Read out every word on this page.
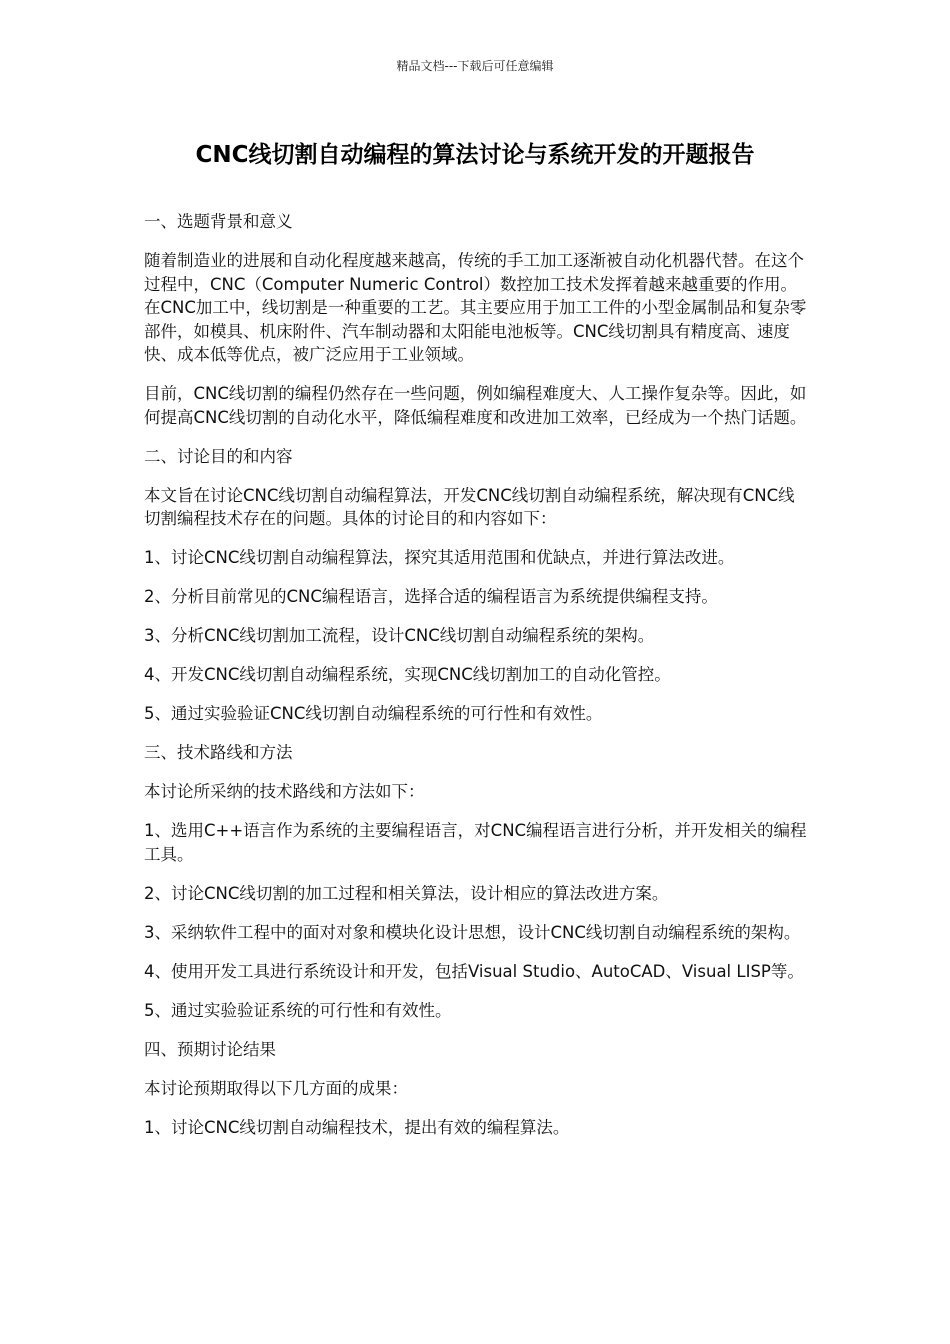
精品文档---下载后可任意编辑
CNC线切割自动编程的算法讨论与系统开发的开题报告

一、选题背景和意义

随着制造业的进展和自动化程度越来越高，传统的手工加工逐渐被自动化机器代替。在这个过程中，CNC（Computer Numeric Control）数控加工技术发挥着越来越重要的作用。在CNC加工中，线切割是一种重要的工艺。其主要应用于加工工件的小型金属制品和复杂零部件，如模具、机床附件、汽车制动器和太阳能电池板等。CNC线切割具有精度高、速度快、成本低等优点，被广泛应用于工业领域。

目前，CNC线切割的编程仍然存在一些问题，例如编程难度大、人工操作复杂等。因此，如何提高CNC线切割的自动化水平，降低编程难度和改进加工效率，已经成为一个热门话题。

二、讨论目的和内容

本文旨在讨论CNC线切割自动编程算法，开发CNC线切割自动编程系统，解决现有CNC线切割编程技术存在的问题。具体的讨论目的和内容如下：

1、讨论CNC线切割自动编程算法，探究其适用范围和优缺点，并进行算法改进。

2、分析目前常见的CNC编程语言，选择合适的编程语言为系统提供编程支持。

3、分析CNC线切割加工流程，设计CNC线切割自动编程系统的架构。

4、开发CNC线切割自动编程系统，实现CNC线切割加工的自动化管控。

5、通过实验验证CNC线切割自动编程系统的可行性和有效性。

三、技术路线和方法

本讨论所采纳的技术路线和方法如下：

1、选用C++语言作为系统的主要编程语言，对CNC编程语言进行分析，并开发相关的编程工具。

2、讨论CNC线切割的加工过程和相关算法，设计相应的算法改进方案。

3、采纳软件工程中的面对对象和模块化设计思想，设计CNC线切割自动编程系统的架构。

4、使用开发工具进行系统设计和开发，包括Visual Studio、AutoCAD、Visual LISP等。

5、通过实验验证系统的可行性和有效性。

四、预期讨论结果

本讨论预期取得以下几方面的成果：

1、讨论CNC线切割自动编程技术，提出有效的编程算法。
